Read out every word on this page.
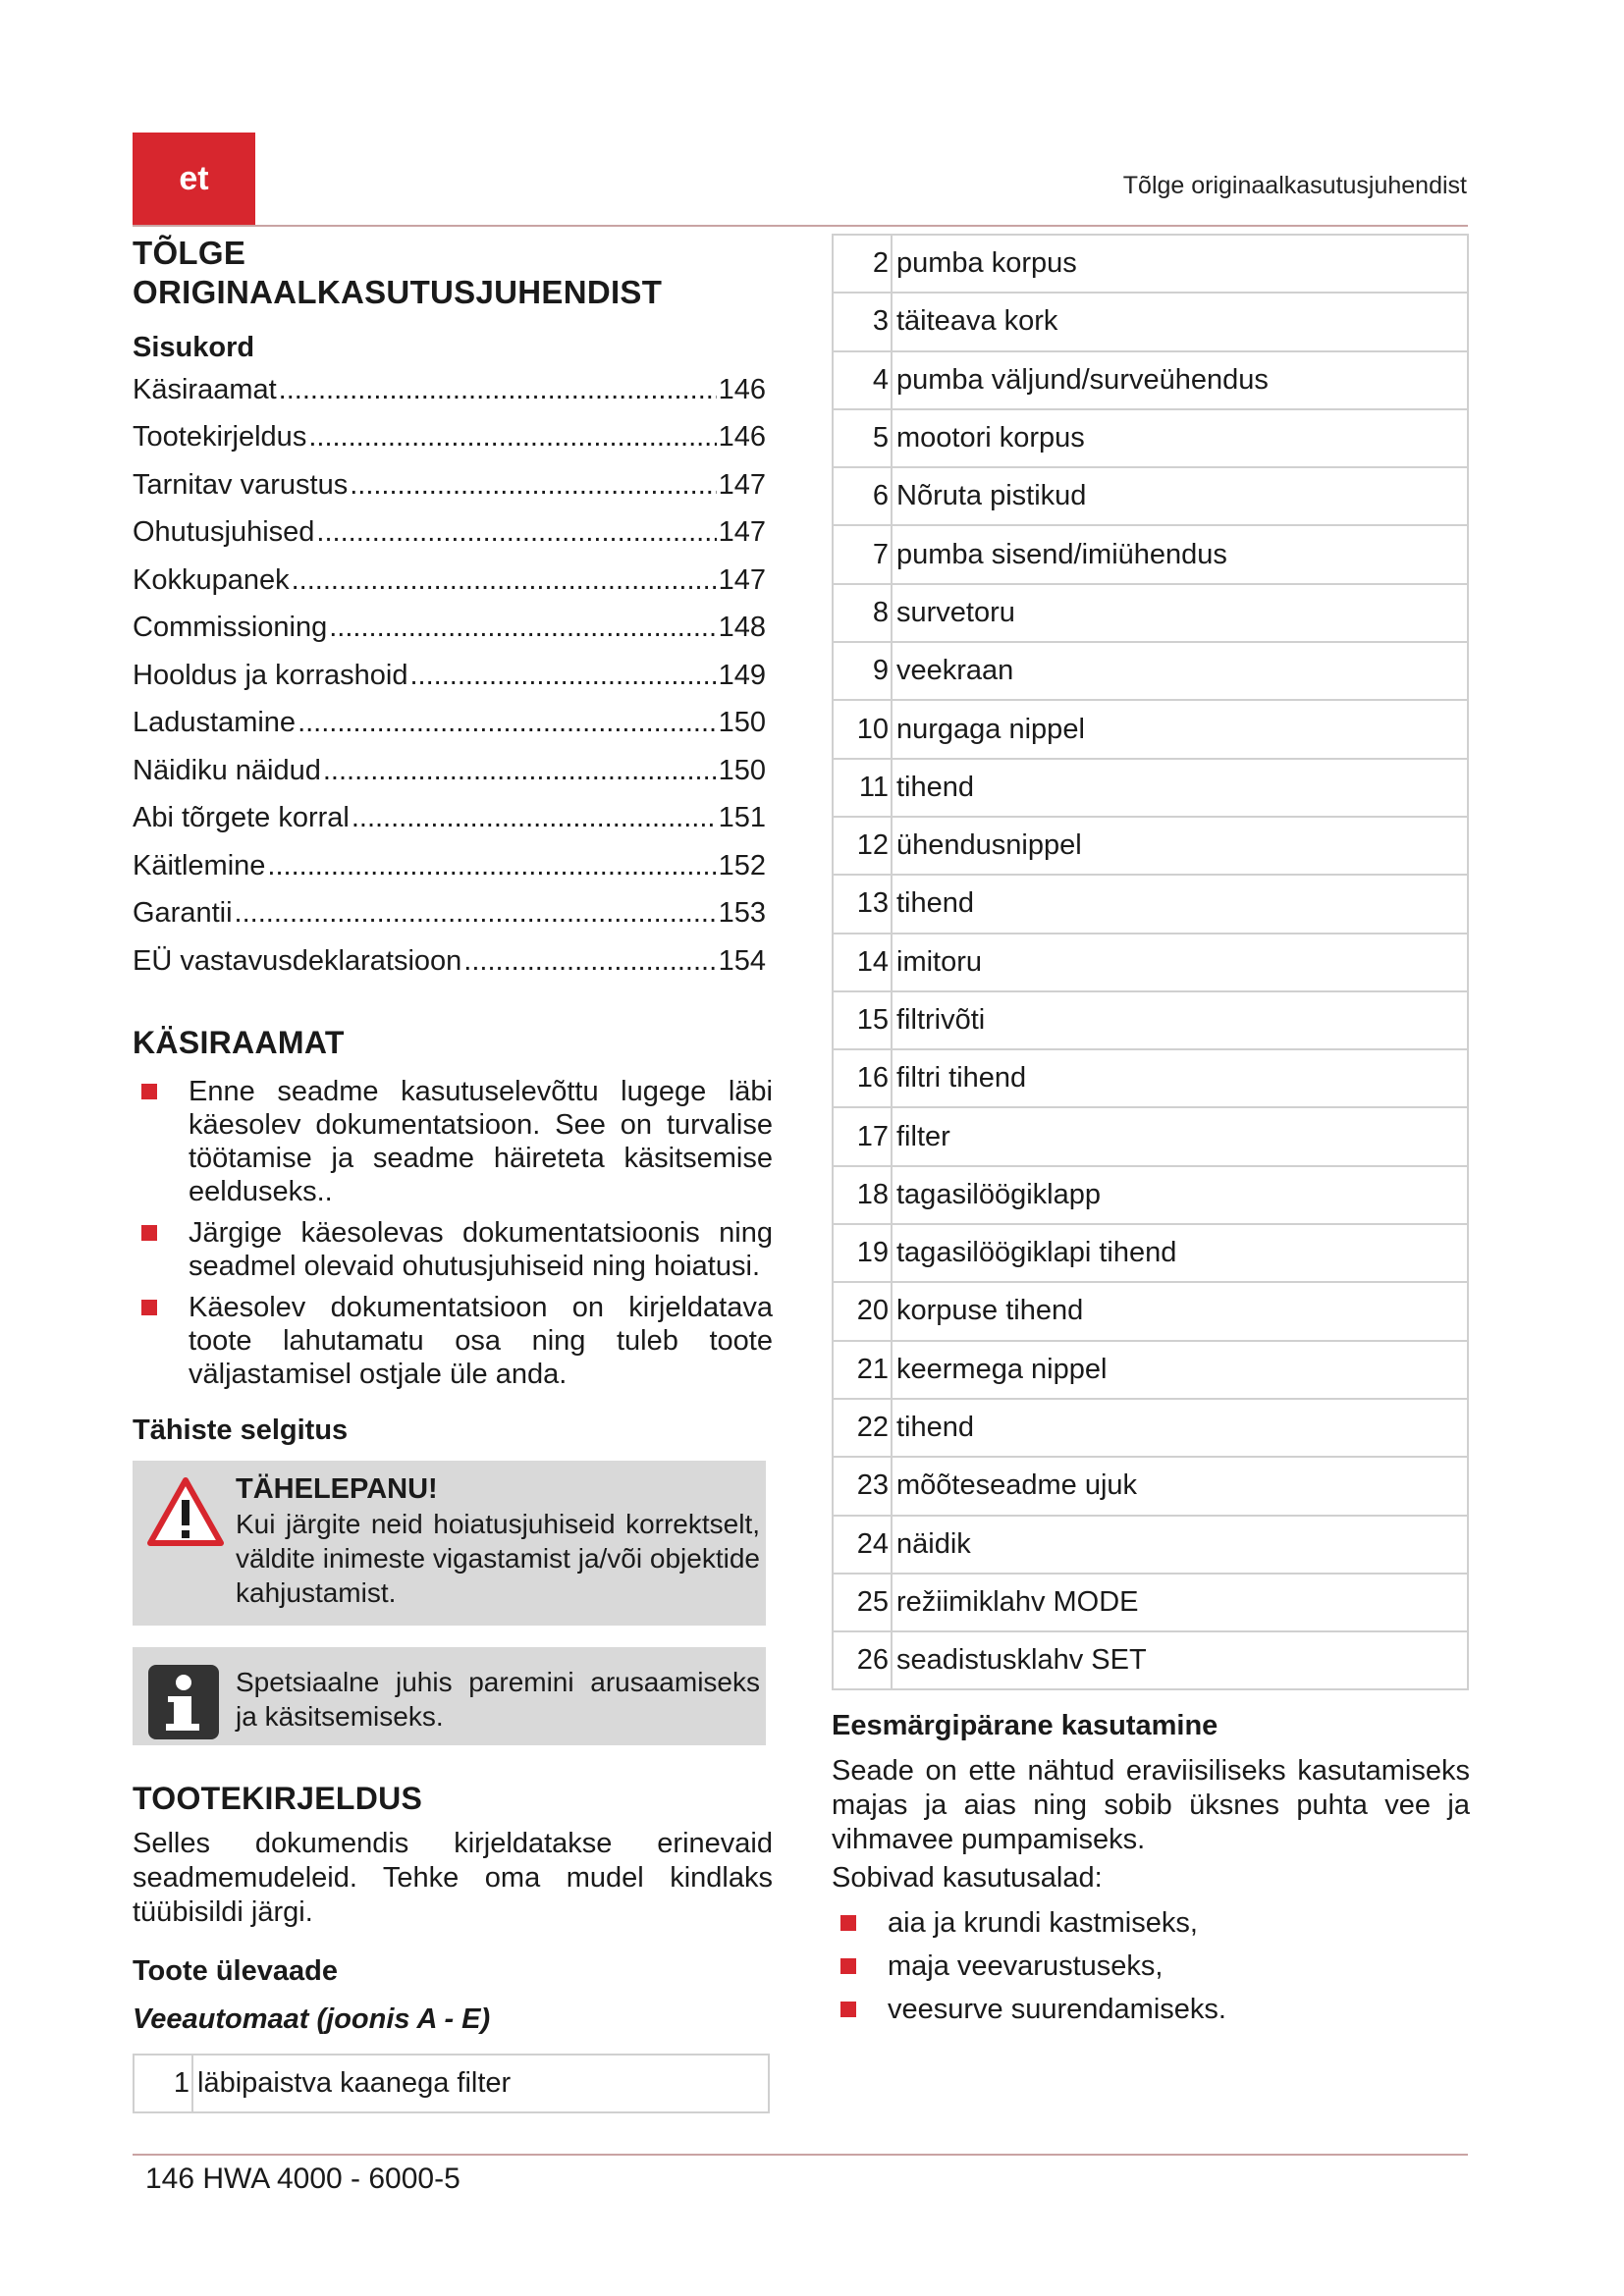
et	Tõlge originaalkasutusjuhendist
TÕLGE ORIGINAALKASUTUSJUHENDIST
Sisukord
Käsiraamat .....	146
Tootekirjeldus .....	146
Tarnitav varustus .....	147
Ohutusjuhised .....	147
Kokkupanek .....	147
Commissioning .....	148
Hooldus ja korrashoid .....	149
Ladustamine .....	150
Näidiku näidud .....	150
Abi tõrgete korral .....	151
Käitlemine .....	152
Garantii .....	153
EÜ vastavusdeklaratsioon .....	154
KÄSIRAAMAT
Enne seadme kasutuselevõttu lugege läbi käesolev dokumentatsioon. See on turvalise töötamise ja seadme häireteta käsitsemise eelduseks..
Järgige käesolevas dokumentatsioonis ning seadmel olevaid ohutusjuhiseid ning hoiatusi.
Käesolev dokumentatsioon on kirjeldatava toote lahutamatu osa ning tuleb toote väljastamisel ostjale üle anda.
Tähiste selgitus
TÄHELEPANU!
Kui järgite neid hoiatusjuhiseid korrektselt, väldite inimeste vigastamist ja/või objektide kahjustamist.
Spetsiaalne juhis paremini arusaamiseks ja käsitsemiseks.
TOOTEKIRJELDUS

Selles dokumendis kirjeldatakse erinevaid seadmemudeleid. Tehke oma mudel kindlaks tüübisildi järgi.

Toote ülevaade
Veeautomaat (joonis A - E)
1 läbipaistva kaanega filter
2 pumba korpus
3 täiteava kork
4 pumba väljund/surveühendus
5 mootori korpus
6 Nõruta pistikud
7 pumba sisend/imiühendus
8 survetoru
9 veekraan
10 nurgaga nippel
11 tihend
12 ühendusnippel
13 tihend
14 imitoru
15 filtrivõti
16 filtri tihend
17 filter
18 tagasilöögiklapp
19 tagasilöögiklapi tihend
20 korpuse tihend
21 keermega nippel
22 tihend
23 mõõteseadme ujuk
24 näidik
25 režiimiklahv MODE
26 seadistusklahv SET
Eesmärgipärane kasutamine

Seade on ette nähtud eraviisiliseks kasutamiseks majas ja aias ning sobib üksnes puhta vee ja vihmavee pumpamiseks.

Sobivad kasutusalad:

aia ja krundi kastmiseks,
maja veevarustuseks,
veesurve suurendamiseks.
146 HWA 4000 - 6000-5
